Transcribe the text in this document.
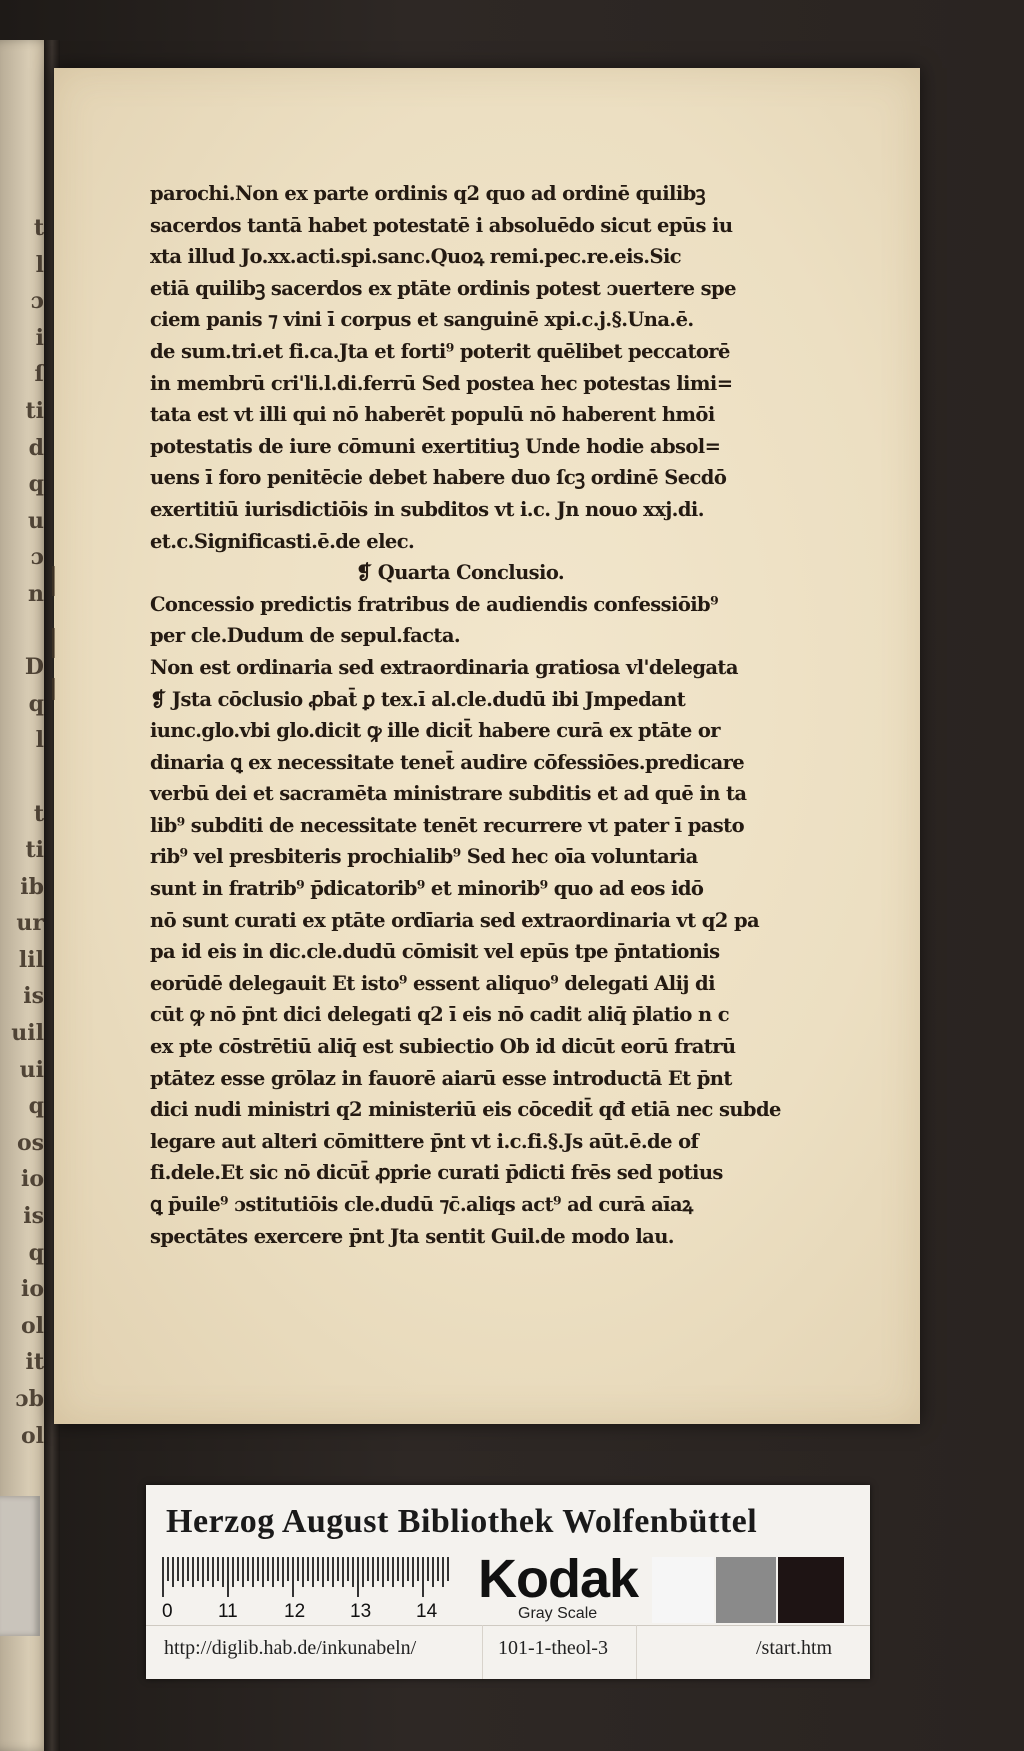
t
l
ɔ
i
ſ
ti
d
q
u
ɔ
n

D
q
l

t
ti
ib
ur
lil
is
uil
ui
q
os
io
is
q
io
ol
it
ɔb
ol
parochi.Non ex parte ordinis q2 quo ad ordinē quilibꝫ
sacerdos tantā habet potestatē i absoluēdo sicut epūs iu
xta illud Jo.xx.acti.spi.sanc.Quoꝝ remi.pec.re.eis.Sic
etiā quilibꝫ sacerdos ex ptāte ordinis potest ɔuertere spe
ciem panis ⁊ vini ī corpus et sanguinē xpi.c.j.§.Una.ē.
de sum.tri.et fi.ca.Jta et forti⁹ poterit quēlibet peccatorē
in membrū cri'li.l.di.ferrū Sed postea hec potestas limi=
tata est vt illi qui nō haberēt populū nō haberent hmōi
potestatis de iure cōmuni exertitiuꝫ Unde hodie absol=
uens ī foro penitēcie debet habere duo ſcꝫ ordinē Secdō
exertitiū iurisdictiōis in subditos vt i.c. Jn nouo xxj.di.
et.c.Significasti.ē.de elec.
❡ Quarta Conclusio.
Concessio predictis fratribus de audiendis confessiōib⁹
per cle.Dudum de sepul.facta.
Non est ordinaria sed extraordinaria gratiosa vl'delegata
❡ Jsta cōclusio ꝓbat̄ ꝑ tex.ī al.cle.dudū ibi Jmpedant
iunc.glo.vbi glo.dicit ꝙ ille dicit̄ habere curā ex ptāte or
dinaria ꝗ ex necessitate tenet̄ audire cōfessiōes.predicare
verbū dei et sacramēta ministrare subditis et ad quē in ta
lib⁹ subditi de necessitate tenēt recurrere vt pater ī pasto
rib⁹ vel presbiteris prochialib⁹ Sed hec oīa voluntaria
sunt in fratrib⁹ p̄dicatorib⁹ et minorib⁹ quo ad eos idō
nō sunt curati ex ptāte ordīaria sed extraordinaria vt q2 pa
pa id eis in dic.cle.dudū cōmisit vel epūs tpe p̄ntationis
eorūdē delegauit Et isto⁹ essent aliquo⁹ delegati Alij di
cūt ꝙ nō p̄nt dici delegati q2 ī eis nō cadit aliq̄ p̄latio n c
ex pte cōstrētiū aliq̄ est subiectio Ob id dicūt eorū fratrū
ptātez esse grōlaz in fauorē aiarū esse introductā Et p̄nt
dici nudi ministri q2 ministeriū eis cōcedit̄ qđ etiā nec subde
legare aut alteri cōmittere p̄nt vt i.c.fi.§.Js aūt.ē.de of
fi.dele.Et sic nō dicūt̄ ꝓprie curati p̄dicti frēs sed potius
ꝗ p̄uile⁹ ɔstitutiōis cle.dudū ⁊c̄.aliqs act⁹ ad curā aīaꝝ
spectātes exercere p̄nt Jta sentit Guil.de modo lau.
Herzog August Bibliothek Wolfenbüttel
0 11 12 13 14
Kodak
Gray Scale
http://diglib.hab.de/inkunabeln/	101-1-theol-3	/start.htm
